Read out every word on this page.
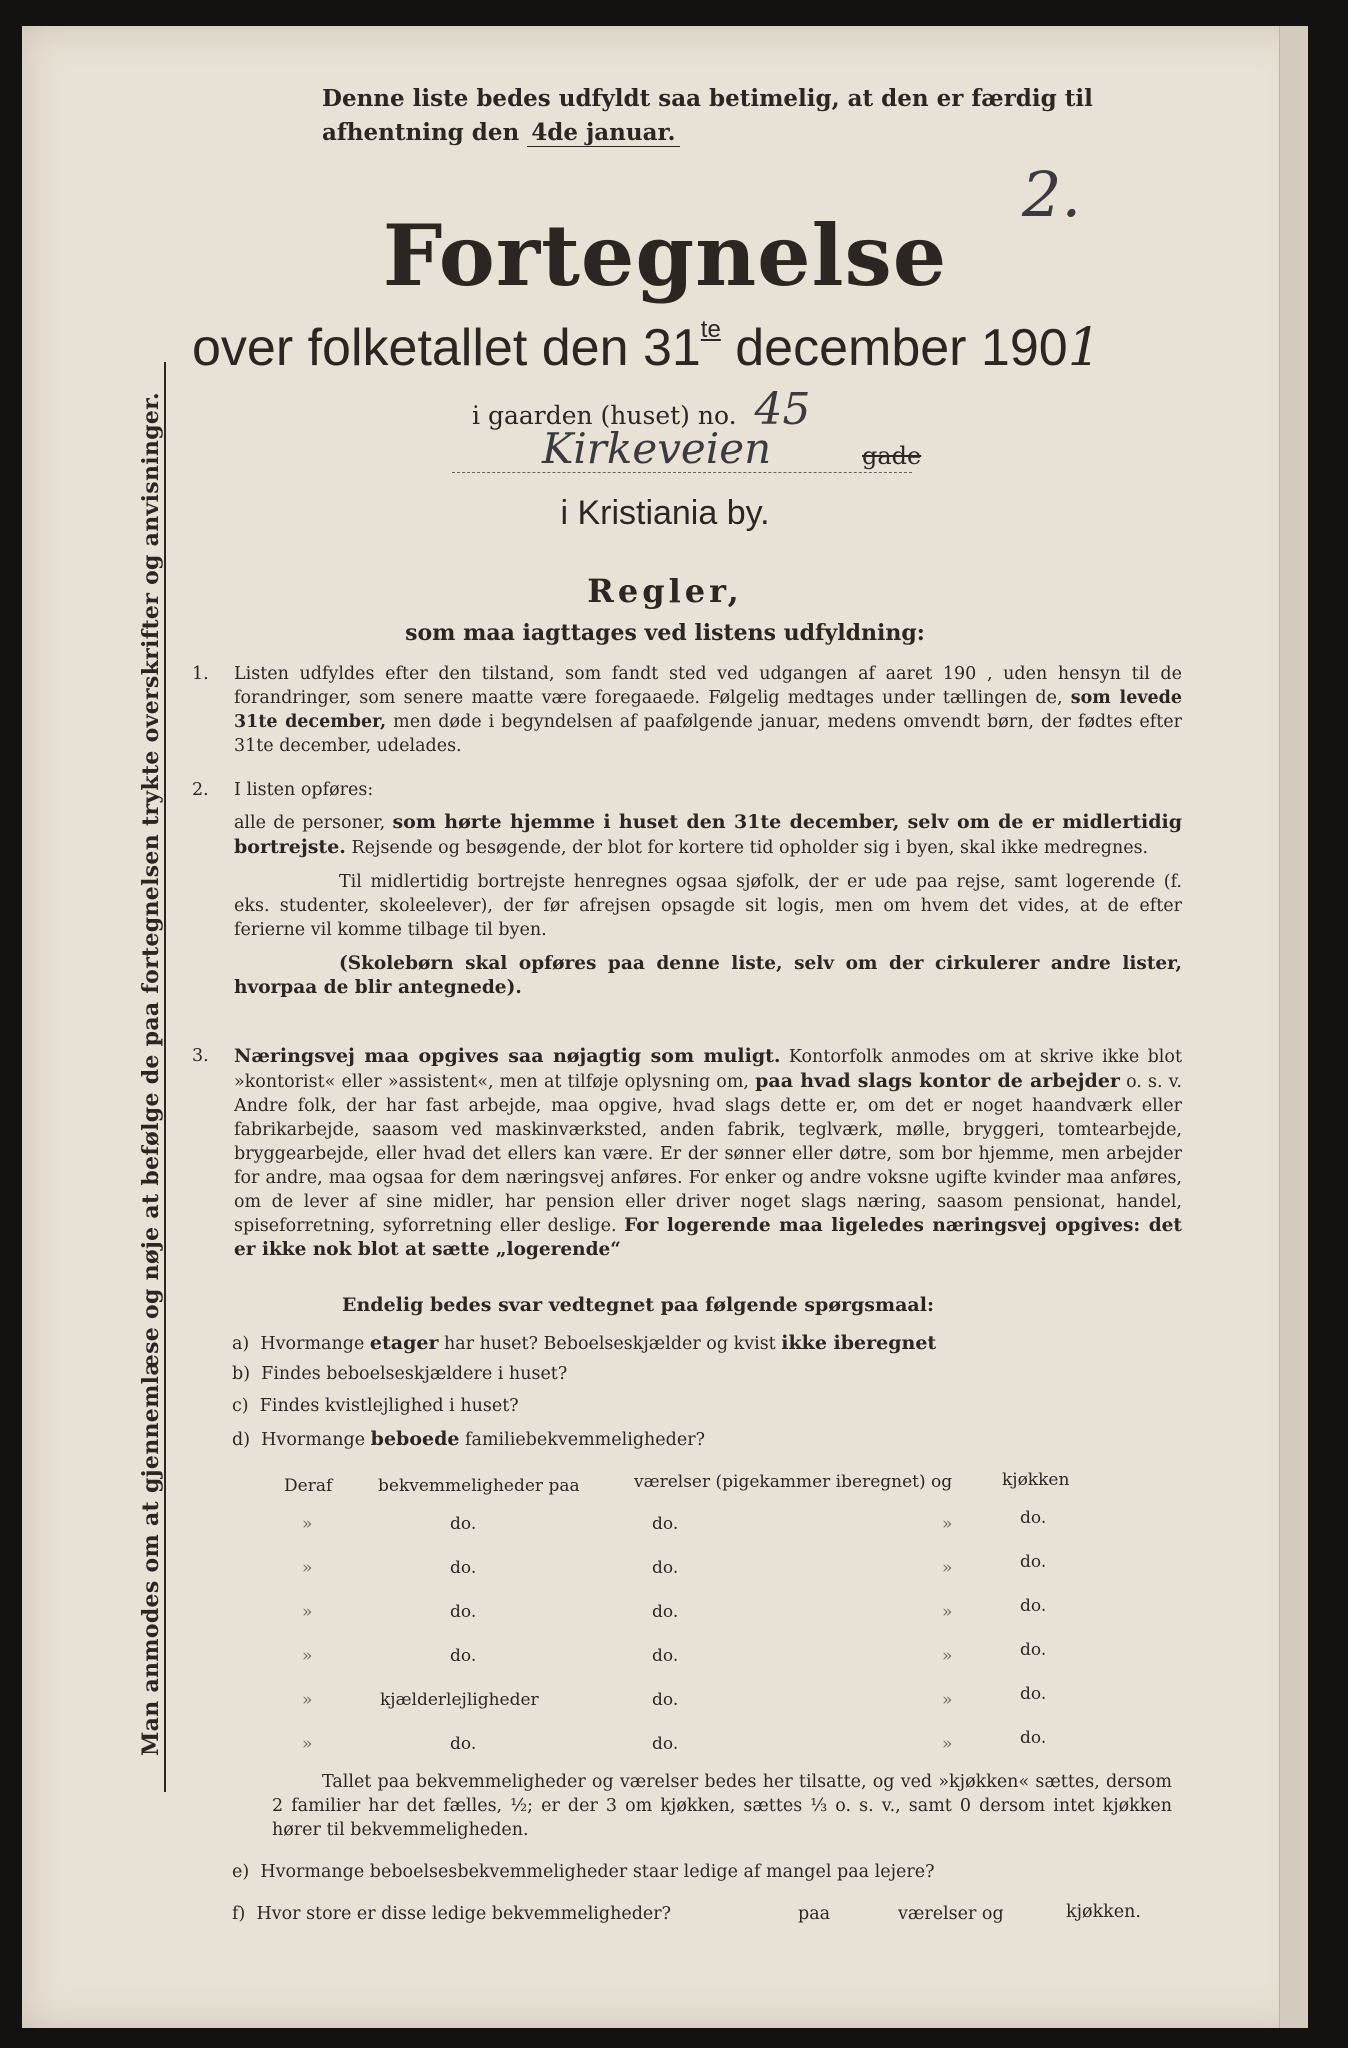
Denne liste bedes udfyldt saa betimelig, at den er færdig til
afhentning den 4de januar.
2.
Fortegnelse
over folketallet den $31^{te}$ december 1901
i gaarden (huset) no. 45
Kirkeveien	gade
i Kristiania by.
Regler,
som maa iagttages ved listens udfyldning:
1. Listen udfyldes efter den tilstand, som fandt sted ved udgangen af aaret 190 , uden hensyn til de forandringer, som senere maatte være foregaaede. Følgelig medtages under tællingen de, som levede 31te december, men døde i begyndelsen af paafølgende januar, medens omvendt børn, der fødtes efter 31te december, udelades.
2. I listen opføres:
alle de personer, som hørte hjemme i huset den 31te december, selv om de er midlertidig bortrejste. Rejsende og besøgende, der blot for kortere tid opholder sig i byen, skal ikke medregnes.
Til midlertidig bortrejste henregnes ogsaa sjøfolk, der er ude paa rejse, samt logerende (f. eks. studenter, skoleelever), der før afrejsen opsagde sit logis, men om hvem det vides, at de efter ferierne vil komme tilbage til byen.
(Skolebørn skal opføres paa denne liste, selv om der cirkulerer andre lister, hvorpaa de blir antegnede).
3. Næringsvej maa opgives saa nøjagtig som muligt. Kontorfolk anmodes om at skrive ikke blot »kontorist« eller »assistent«, men at tilføje oplysning om, paa hvad slags kontor de arbejder o. s. v. Andre folk, der har fast arbejde, maa opgive, hvad slags dette er, om det er noget haandværk eller fabrikarbejde, saasom ved maskinværksted, anden fabrik, teglværk, mølle, bryggeri, tomtearbejde, bryggearbejde, eller hvad det ellers kan være. Er der sønner eller døtre, som bor hjemme, men arbejder for andre, maa ogsaa for dem næringsvej anføres. For enker og andre voksne ugifte kvinder maa anføres, om de lever af sine midler, har pension eller driver noget slags næring, saasom pensionat, handel, spiseforretning, syforretning eller deslige. For logerende maa ligeledes næringsvej opgives: det er ikke nok blot at sætte „logerende“
Endelig bedes svar vedtegnet paa følgende spørgsmaal:
a) Hvormange etager har huset? Beboelseskjælder og kvist ikke iberegnet
b) Findes beboelseskjældere i huset?
c) Findes kvistlejlighed i huset?
d) Hvormange beboede familiebekvemmeligheder?
Deraf	bekvemmeligheder paa	værelser (pigekammer iberegnet) og	kjøkken
»	do.	do.	»	do.
»	do.	do.	»	do.
»	do.	do.	»	do.
»	do.	do.	»	do.
»	kjælderlejligheder	do.	»	do.
»	do.	do.	»	do.
Tallet paa bekvemmeligheder og værelser bedes her tilsatte, og ved »kjøkken« sættes, dersom 2 familier har det fælles, ½; er der 3 om kjøkken, sættes ⅓ o. s. v., samt 0 dersom intet kjøkken hører til bekvemmeligheden.
e) Hvormange beboelsesbekvemmeligheder staar ledige af mangel paa lejere?
f) Hvor store er disse ledige bekvemmeligheder?	paa	værelser og	kjøkken.
Man anmodes om at gjennemlæse og nøje at befølge de paa fortegnelsen trykte overskrifter og anvisninger.
